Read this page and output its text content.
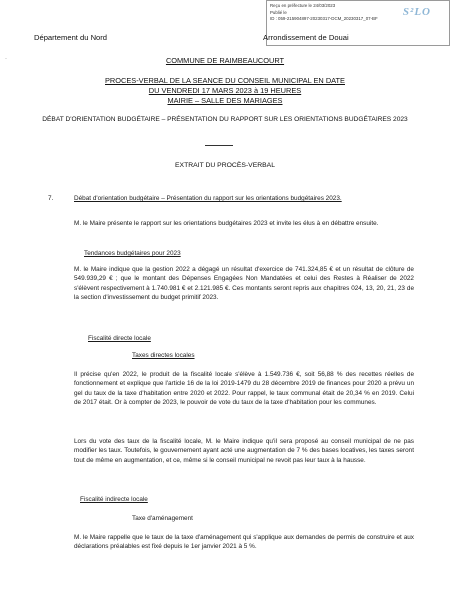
Reçu en préfecture le 24/03/2023
Publié le
ID : 059-215904897-20230317-DCM_20230317_07-BF
S²LO
Département du Nord	Arrondissement de Douai
·	COMMUNE DE RAIMBEAUCOURT
PROCES-VERBAL DE LA SEANCE DU CONSEIL MUNICIPAL EN DATE
DU VENDREDI 17 MARS 2023 à 19 HEURES
MAIRIE – SALLE DES MARIAGES
DÉBAT D'ORIENTATION BUDGÉTAIRE – PRÉSENTATION DU RAPPORT SUR LES ORIENTATIONS BUDGÉTAIRES 2023
EXTRAIT DU PROCÈS-VERBAL
7.	Débat d'orientation budgétaire – Présentation du rapport sur les orientations budgétaires 2023.
M. le Maire présente le rapport sur les orientations budgétaires 2023 et invite les élus à en débattre ensuite.
Tendances budgétaires pour 2023
M. le Maire indique que la gestion 2022 a dégagé un résultat d'exercice de 741.324,85 € et un résultat de clôture de 549.939,29 € ; que le montant des Dépenses Engagées Non Mandatées et celui des Restes à Réaliser de 2022 s'élèvent respectivement à 1.740.981 € et 2.121.985 €. Ces montants seront repris aux chapitres 024, 13, 20, 21, 23 de la section d'investissement du budget primitif 2023.
Fiscalité directe locale
Taxes directes locales
Il précise qu'en 2022, le produit de la fiscalité locale s'élève à 1.549.736 €, soit 56,88 % des recettes réelles de fonctionnement et explique que l'article 16 de la loi 2019-1479 du 28 décembre 2019 de finances pour 2020 a prévu un gel du taux de la taxe d'habitation entre 2020 et 2022. Pour rappel, le taux communal était de 20,34 % en 2019. Celui de 2017 était. Or à compter de 2023, le pouvoir de vote du taux de la taxe d'habitation pour les communes.
Lors du vote des taux de la fiscalité locale, M. le Maire indique qu'il sera proposé au conseil municipal de ne pas modifier les taux. Toutefois, le gouvernement ayant acté une augmentation de 7 % des bases locatives, les taxes seront tout de même en augmentation, et ce, même si le conseil municipal ne revoit pas leur taux à la hausse.
Fiscalité indirecte locale
Taxe d'aménagement
M. le Maire rappelle que le taux de la taxe d'aménagement qui s'applique aux demandes de permis de construire et aux déclarations préalables est fixé depuis le 1er janvier 2021 à 5 %.
